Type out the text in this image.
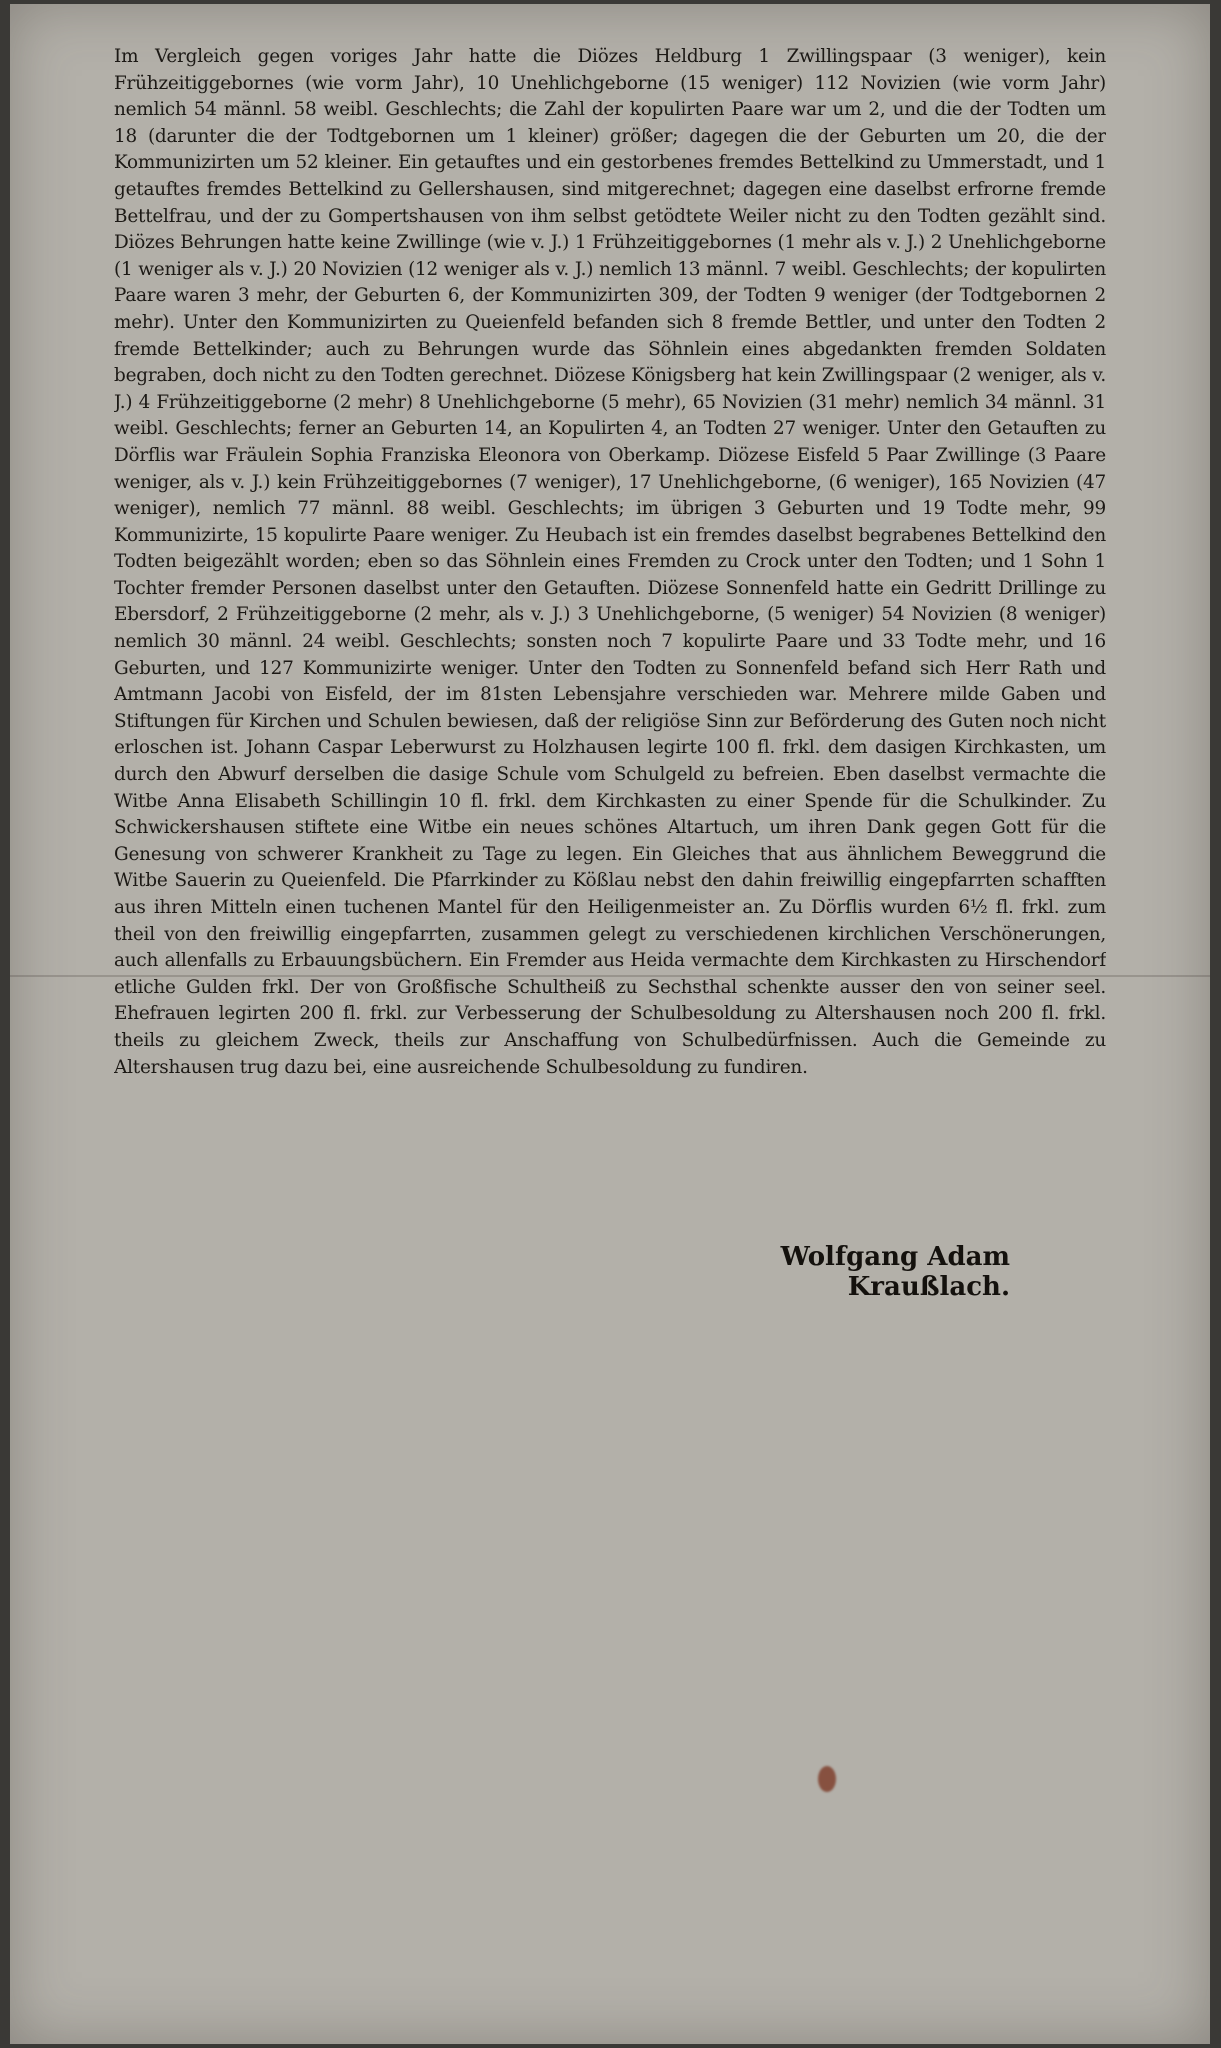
Im Vergleich gegen voriges Jahr hatte die Diözes Heldburg 1 Zwillingspaar (3 weniger), kein Frühzeitiggebornes (wie vorm Jahr), 10 Unehlichgeborne (15 weniger) 112 Novizien (wie vorm Jahr) nemlich 54 männl. 58 weibl. Geschlechts; die Zahl der kopulirten Paare war um 2, und die der Todten um 18 (darunter die der Todtgebornen um 1 kleiner) größer; dagegen die der Geburten um 20, die der Kommunizirten um 52 kleiner. Ein getauftes und ein gestorbenes fremdes Bettelkind zu Ummerstadt, und 1 getauftes fremdes Bettelkind zu Gellershausen, sind mitgerechnet; dagegen eine daselbst erfrorne fremde Bettelfrau, und der zu Gompertshausen von ihm selbst getödtete Weiler nicht zu den Todten gezählt sind. Diözes Behrungen hatte keine Zwillinge (wie v. J.) 1 Frühzeitiggebornes (1 mehr als v. J.) 2 Unehlichgeborne (1 weniger als v. J.) 20 Novizien (12 weniger als v. J.) nemlich 13 männl. 7 weibl. Geschlechts; der kopulirten Paare waren 3 mehr, der Geburten 6, der Kommunizirten 309, der Todten 9 weniger (der Todtgebornen 2 mehr). Unter den Kommunizirten zu Queienfeld befanden sich 8 fremde Bettler, und unter den Todten 2 fremde Bettelkinder; auch zu Behrungen wurde das Söhnlein eines abgedankten fremden Soldaten begraben, doch nicht zu den Todten gerechnet. Diözese Königsberg hat kein Zwillingspaar (2 weniger, als v. J.) 4 Frühzeitiggeborne (2 mehr) 8 Unehlichgeborne (5 mehr), 65 Novizien (31 mehr) nemlich 34 männl. 31 weibl. Geschlechts; ferner an Geburten 14, an Kopulirten 4, an Todten 27 weniger. Unter den Getauften zu Dörflis war Fräulein Sophia Franziska Eleonora von Oberkamp. Diözese Eisfeld 5 Paar Zwillinge (3 Paare weniger, als v. J.) kein Frühzeitiggebornes (7 weniger), 17 Unehlichgeborne, (6 weniger), 165 Novizien (47 weniger), nemlich 77 männl. 88 weibl. Geschlechts; im übrigen 3 Geburten und 19 Todte mehr, 99 Kommunizirte, 15 kopulirte Paare weniger. Zu Heubach ist ein fremdes daselbst begrabenes Bettelkind den Todten beigezählt worden; eben so das Söhnlein eines Fremden zu Crock unter den Todten; und 1 Sohn 1 Tochter fremder Personen daselbst unter den Getauften. Diözese Sonnenfeld hatte ein Gedritt Drillinge zu Ebersdorf, 2 Frühzeitiggeborne (2 mehr, als v. J.) 3 Unehlichgeborne, (5 weniger) 54 Novizien (8 weniger) nemlich 30 männl. 24 weibl. Geschlechts; sonsten noch 7 kopulirte Paare und 33 Todte mehr, und 16 Geburten, und 127 Kommunizirte weniger. Unter den Todten zu Sonnenfeld befand sich Herr Rath und Amtmann Jacobi von Eisfeld, der im 81sten Lebensjahre verschieden war. Mehrere milde Gaben und Stiftungen für Kirchen und Schulen bewiesen, daß der religiöse Sinn zur Beförderung des Guten noch nicht erloschen ist. Johann Caspar Leberwurst zu Holzhausen legirte 100 fl. frkl. dem dasigen Kirchkasten, um durch den Abwurf derselben die dasige Schule vom Schulgeld zu befreien. Eben daselbst vermachte die Witbe Anna Elisabeth Schillingin 10 fl. frkl. dem Kirchkasten zu einer Spende für die Schulkinder. Zu Schwickershausen stiftete eine Witbe ein neues schönes Altartuch, um ihren Dank gegen Gott für die Genesung von schwerer Krankheit zu Tage zu legen. Ein Gleiches that aus ähnlichem Beweggrund die Witbe Sauerin zu Queienfeld. Die Pfarrkinder zu Kößlau nebst den dahin freiwillig eingepfarrten schafften aus ihren Mitteln einen tuchenen Mantel für den Heiligenmeister an. Zu Dörflis wurden 6½ fl. frkl. zum theil von den freiwillig eingepfarrten, zusammen gelegt zu verschiedenen kirchlichen Verschönerungen, auch allenfalls zu Erbauungsbüchern. Ein Fremder aus Heida vermachte dem Kirchkasten zu Hirschendorf etliche Gulden frkl. Der von Großfische Schultheiß zu Sechsthal schenkte ausser den von seiner seel. Ehefrauen legirten 200 fl. frkl. zur Verbesserung der Schulbesoldung zu Altershausen noch 200 fl. frkl. theils zu gleichem Zweck, theils zur Anschaffung von Schulbedürfnissen. Auch die Gemeinde zu Altershausen trug dazu bei, eine ausreichende Schulbesoldung zu fundiren.
Wolfgang Adam Kraußlach.
